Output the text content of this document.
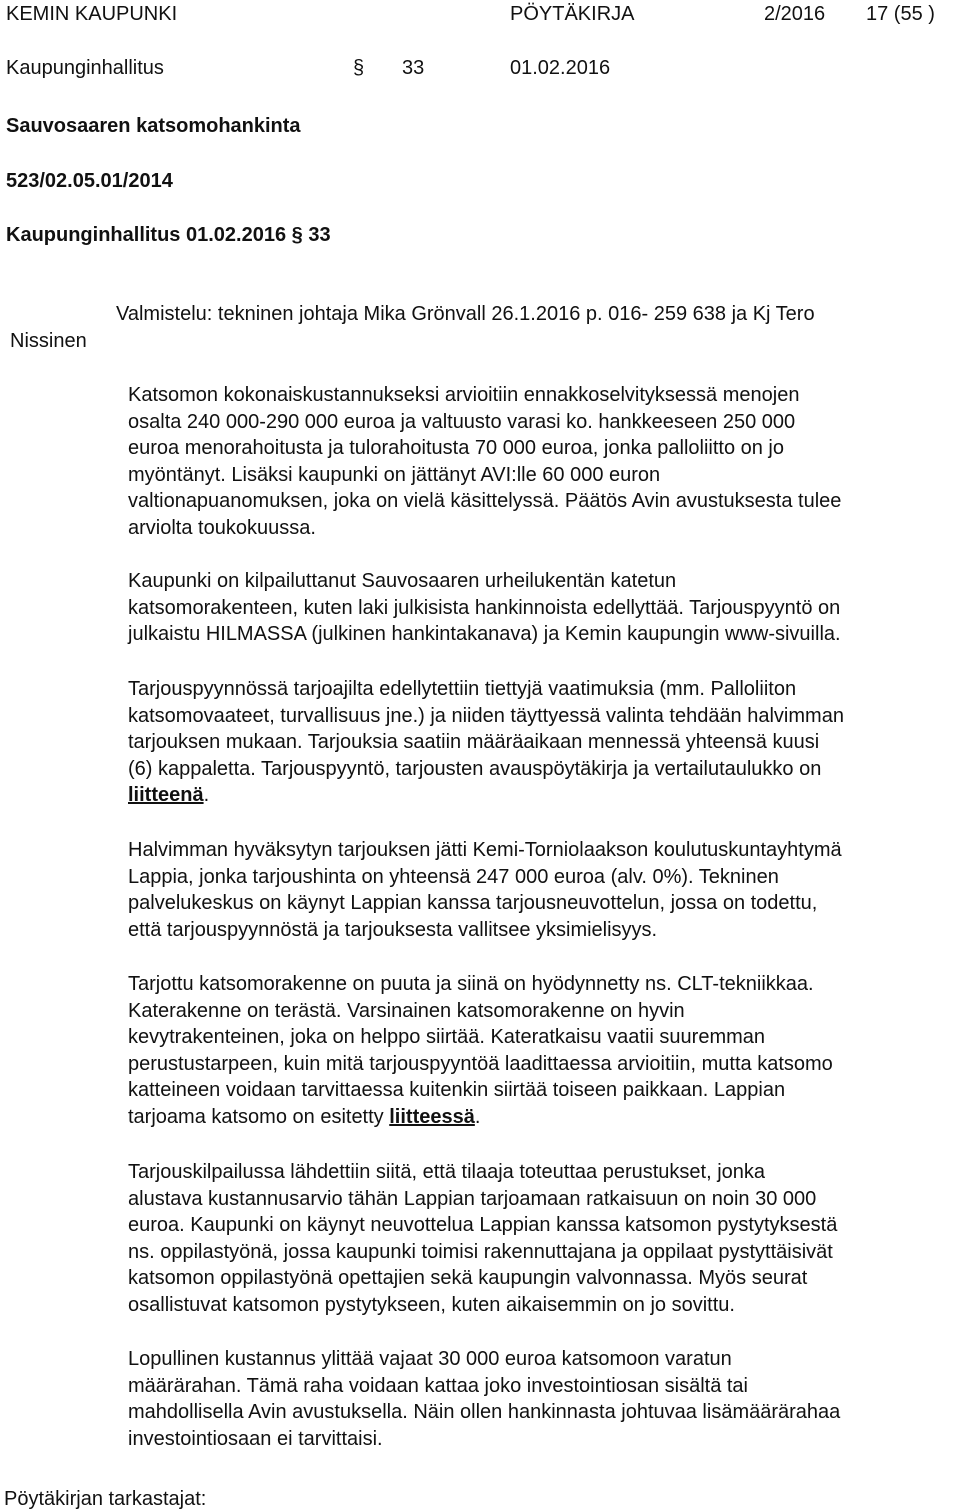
KEMIN KAUPUNKI	PÖYTÄKIRJA	2/2016 17 (55 )
Kaupunginhallitus	§ 33	01.02.2016
Sauvosaaren katsomohankinta
523/02.05.01/2014
Kaupunginhallitus 01.02.2016 § 33
Valmistelu: tekninen johtaja Mika Grönvall 26.1.2016 p. 016- 259 638 ja Kj Tero
Nissinen
Katsomon kokonaiskustannukseksi arvioitiin ennakkoselvityksessä menojen
osalta 240 000-290 000 euroa ja valtuusto varasi ko. hankkeeseen 250 000
euroa menorahoitusta ja tulorahoitusta 70 000 euroa, jonka palloliitto on jo
myöntänyt. Lisäksi kaupunki on jättänyt AVI:lle 60 000 euron
valtionapuanomuksen, joka on vielä käsittelyssä. Päätös Avin avustuksesta tulee
arviolta toukokuussa.
Kaupunki on kilpailuttanut Sauvosaaren urheilukentän katetun
katsomorakenteen, kuten laki julkisista hankinnoista edellyttää. Tarjouspyyntö on
julkaistu HILMASSA (julkinen hankintakanava) ja Kemin kaupungin www-sivuilla.
Tarjouspyynnössä tarjoajilta edellytettiin tiettyjä vaatimuksia (mm. Palloliiton
katsomovaateet, turvallisuus jne.) ja niiden täyttyessä valinta tehdään halvimman
tarjouksen mukaan. Tarjouksia saatiin määräaikaan mennessä yhteensä kuusi
(6) kappaletta. Tarjouspyyntö, tarjousten avauspöytäkirja ja vertailutaulukko on
liitteenä.
Halvimman hyväksytyn tarjouksen jätti Kemi-Torniolaakson koulutuskuntayhtymä
Lappia, jonka tarjoushinta on yhteensä 247 000 euroa (alv. 0%). Tekninen
palvelukeskus on käynyt Lappian kanssa tarjousneuvottelun, jossa on todettu,
että tarjouspyynnöstä ja tarjouksesta vallitsee yksimielisyys.
Tarjottu katsomorakenne on puuta ja siinä on hyödynnetty ns. CLT-tekniikkaa.
Katerakenne on terästä. Varsinainen katsomorakenne on hyvin
kevytrakenteinen, joka on helppo siirtää. Kateratkaisu vaatii suuremman
perustustarpeen, kuin mitä tarjouspyyntöä laadittaessa arvioitiin, mutta katsomo
katteineen voidaan tarvittaessa kuitenkin siirtää toiseen paikkaan. Lappian
tarjoama katsomo on esitetty liitteessä.
Tarjouskilpailussa lähdettiin siitä, että tilaaja toteuttaa perustukset, jonka
alustava kustannusarvio tähän Lappian tarjoamaan ratkaisuun on noin 30 000
euroa. Kaupunki on käynyt neuvottelua Lappian kanssa katsomon pystytyksestä
ns. oppilastyönä, jossa kaupunki toimisi rakennuttajana ja oppilaat pystyttäisivät
katsomon oppilastyönä opettajien sekä kaupungin valvonnassa. Myös seurat
osallistuvat katsomon pystytykseen, kuten aikaisemmin on jo sovittu.
Lopullinen kustannus ylittää vajaat 30 000 euroa katsomoon varatun
määrärahan. Tämä raha voidaan kattaa joko investointiosan sisältä tai
mahdollisella Avin avustuksella. Näin ollen hankinnasta johtuvaa lisämäärärahaa
investointiosaan ei tarvittaisi.
Pöytäkirjan tarkastajat:
